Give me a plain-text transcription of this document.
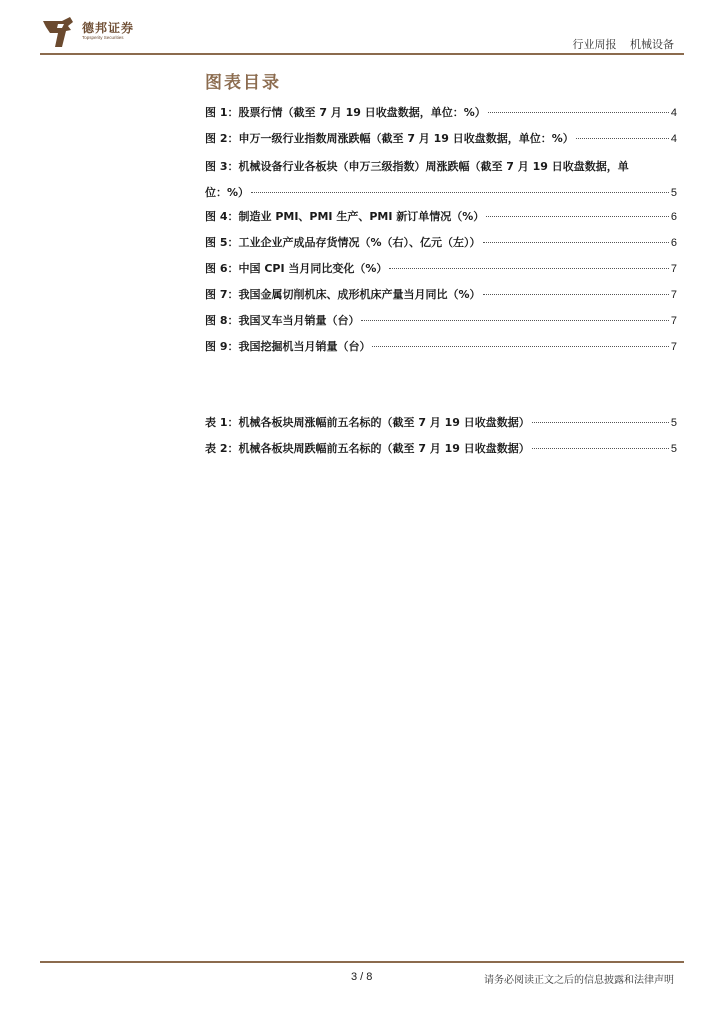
德邦证券
Topsperity Securities
行业周报 机械设备
图表目录
图 1： 股票行情（截至 7 月 19 日收盘数据，单位：%）	4
图 2： 申万一级行业指数周涨跌幅（截至 7 月 19 日收盘数据，单位：%）	4
图 3： 机械设备行业各板块（申万三级指数）周涨跌幅（截至 7 月 19 日收盘数据，单
位：%）	5
图 4： 制造业 PMI、PMI 生产、PMI 新订单情况（%）	6
图 5： 工业企业产成品存货情况（%（右）、亿元（左））	6
图 6： 中国 CPI 当月同比变化（%）	7
图 7： 我国金属切削机床、成形机床产量当月同比（%）	7
图 8： 我国叉车当月销量（台）	7
图 9： 我国挖掘机当月销量（台）	7
表 1： 机械各板块周涨幅前五名标的（截至 7 月 19 日收盘数据）	5
表 2： 机械各板块周跌幅前五名标的（截至 7 月 19 日收盘数据）	5
3 / 8	请务必阅读正文之后的信息披露和法律声明
